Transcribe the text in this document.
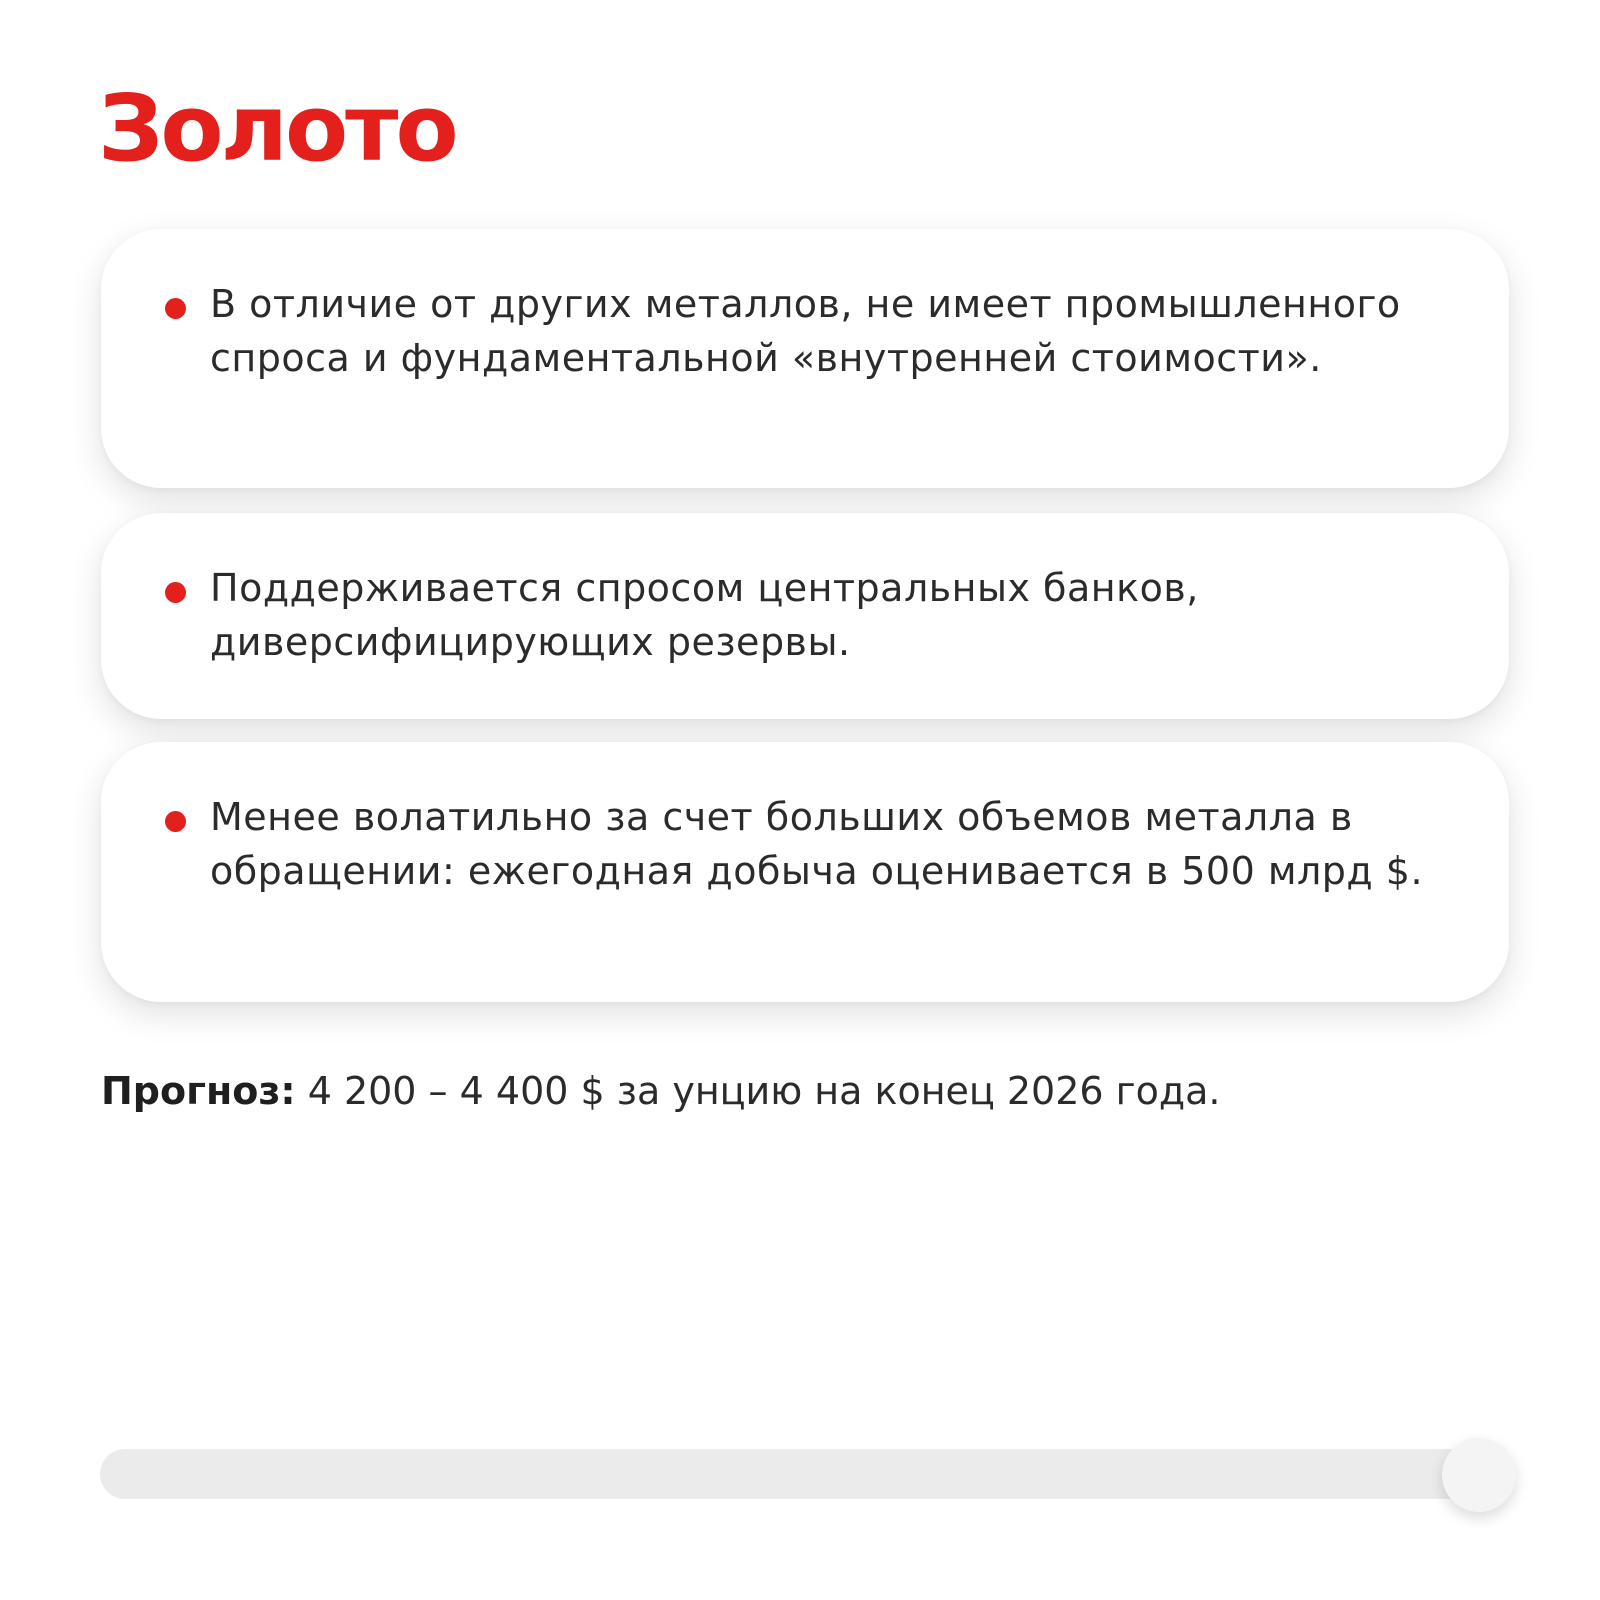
Золото

В отличие от других металлов, не имеет промышленного спроса и фундаментальной «внутренней стоимости».

Поддерживается спросом центральных банков, диверсифицирующих резервы.

Менее волатильно за счет больших объемов металла в обращении: ежегодная добыча оценивается в 500 млрд $.

Прогноз: 4 200 – 4 400 $ за унцию на конец 2026 года.
